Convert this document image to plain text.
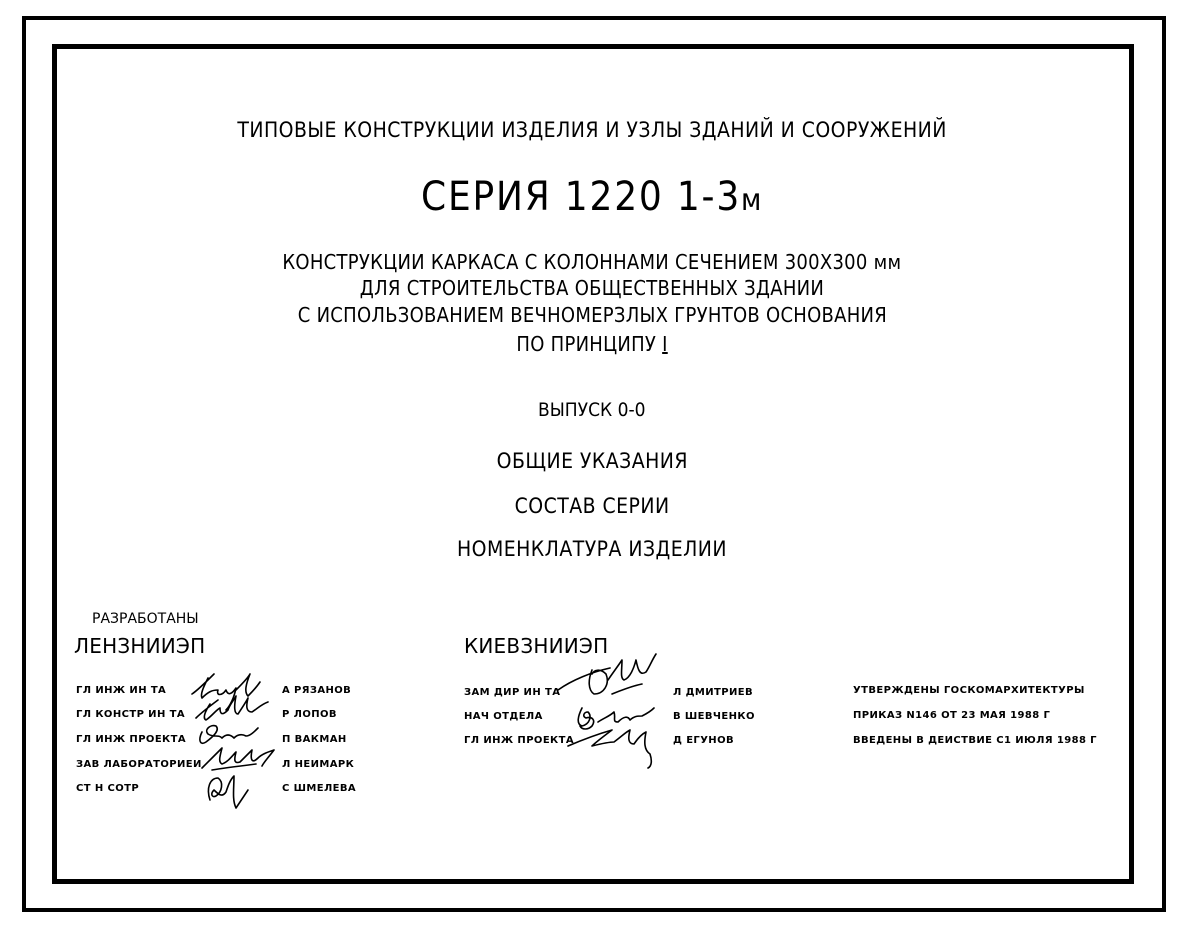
ТИПОВЫЕ КОНСТРУКЦИИ ИЗДЕЛИЯ И УЗЛЫ ЗДАНИЙ И СООРУЖЕНИЙ
СЕРИЯ 1220 1-3м
КОНСТРУКЦИИ КАРКАСА С КОЛОННАМИ СЕЧЕНИЕМ 300Х300 мм
ДЛЯ СТРОИТЕЛЬСТВА ОБЩЕСТВЕННЫХ ЗДАНИИ
С ИСПОЛЬЗОВАНИЕМ ВЕЧНОМЕРЗЛЫХ ГРУНТОВ ОСНОВАНИЯ
ПО ПРИНЦИПУ I
ВЫПУСК 0-0
ОБЩИЕ УКАЗАНИЯ
СОСТАВ СЕРИИ
НОМЕНКЛАТУРА ИЗДЕЛИИ
РАЗРАБОТАНЫ
ЛЕНЗНИИЭП
ГЛ ИНЖ ИН ТА
ГЛ КОНСТР ИН ТА
ГЛ ИНЖ ПРОЕКТА
ЗАВ ЛАБОРАТОРИЕИ
СТ Н СОТР
А РЯЗАНОВ
Р ЛОПОВ
П ВАКМАН
Л НЕИМАРК
С ШМЕЛЕВА
КИЕВЗНИИЭП
ЗАМ ДИР ИН ТА
НАЧ ОТДЕЛА
ГЛ ИНЖ ПРОЕКТА
Л ДМИТРИЕВ
В ШЕВЧЕНКО
Д ЕГУНОВ
УТВЕРЖДЕНЫ ГОСКОМАРХИТЕКТУРЫ
ПРИКАЗ N146 ОТ 23 МАЯ 1988 Г
ВВЕДЕНЫ В ДЕИСТВИЕ С1 ИЮЛЯ 1988 Г
